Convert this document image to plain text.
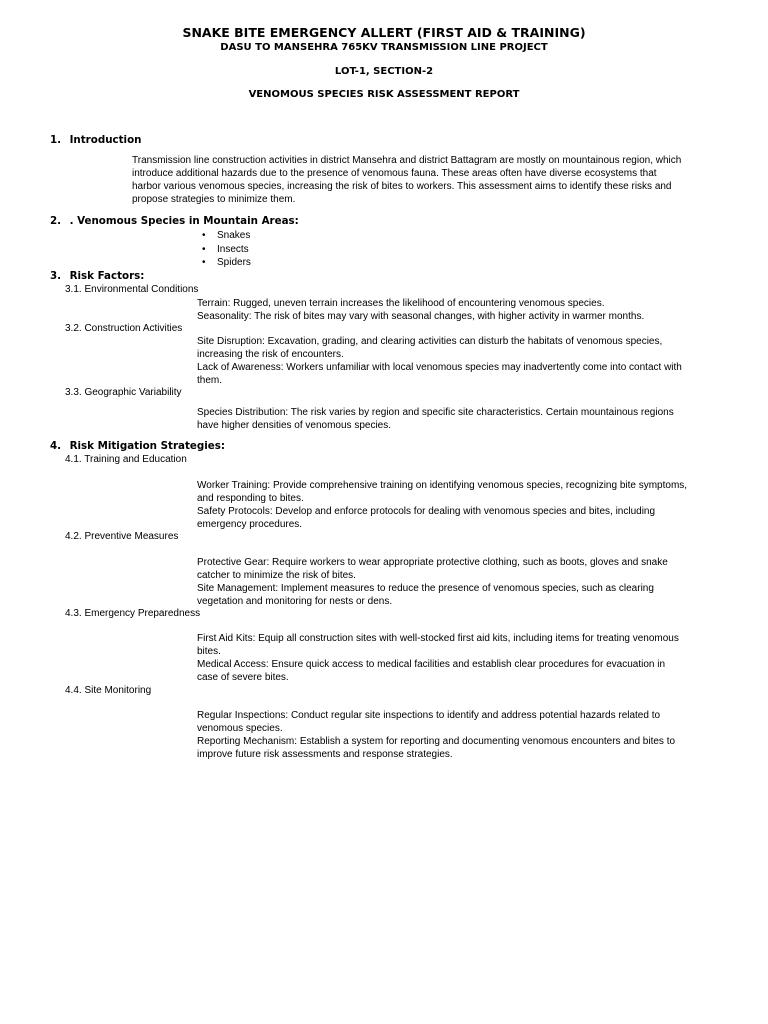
SNAKE BITE EMERGENCY ALLERT (FIRST AID & TRAINING)
DASU TO MANSEHRA 765KV TRANSMISSION LINE PROJECT
LOT-1, SECTION-2
VENOMOUS SPECIES RISK ASSESSMENT REPORT
1. Introduction
Transmission line construction activities in district Mansehra and district Battagram are mostly on mountainous region, which
introduce additional hazards due to the presence of venomous fauna. These areas often have diverse ecosystems that
harbor various venomous species, increasing the risk of bites to workers. This assessment aims to identify these risks and
propose strategies to minimize them.
2. . Venomous Species in Mountain Areas:
• Snakes
• Insects
• Spiders
3. Risk Factors:
3.1. Environmental Conditions
Terrain: Rugged, uneven terrain increases the likelihood of encountering venomous species.
Seasonality: The risk of bites may vary with seasonal changes, with higher activity in warmer months.
3.2. Construction Activities
Site Disruption: Excavation, grading, and clearing activities can disturb the habitats of venomous species,
increasing the risk of encounters.
Lack of Awareness: Workers unfamiliar with local venomous species may inadvertently come into contact with
them.
3.3. Geographic Variability
Species Distribution: The risk varies by region and specific site characteristics. Certain mountainous regions
have higher densities of venomous species.
4. Risk Mitigation Strategies:
4.1. Training and Education
Worker Training: Provide comprehensive training on identifying venomous species, recognizing bite symptoms,
and responding to bites.
Safety Protocols: Develop and enforce protocols for dealing with venomous species and bites, including
emergency procedures.
4.2. Preventive Measures
Protective Gear: Require workers to wear appropriate protective clothing, such as boots, gloves and snake
catcher to minimize the risk of bites.
Site Management: Implement measures to reduce the presence of venomous species, such as clearing
vegetation and monitoring for nests or dens.
4.3. Emergency Preparedness
First Aid Kits: Equip all construction sites with well-stocked first aid kits, including items for treating venomous
bites.
Medical Access: Ensure quick access to medical facilities and establish clear procedures for evacuation in
case of severe bites.
4.4. Site Monitoring
Regular Inspections: Conduct regular site inspections to identify and address potential hazards related to
venomous species.
Reporting Mechanism: Establish a system for reporting and documenting venomous encounters and bites to
improve future risk assessments and response strategies.
